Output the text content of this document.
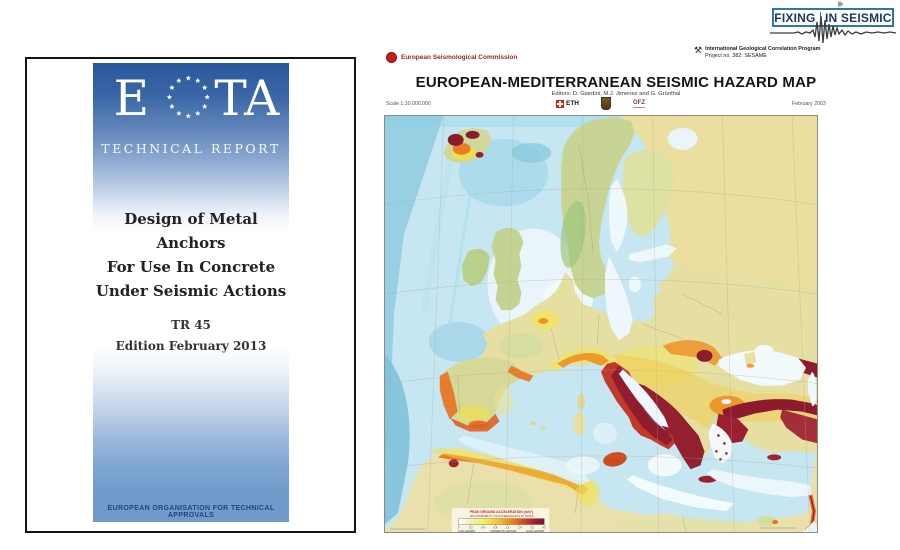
E TA
TECHNICAL REPORT
Design of Metal Anchors
For Use In Concrete
Under Seismic Actions
TR 45
Edition February 2013
EUROPEAN ORGANISATION FOR TECHNICAL APPROVALS
FIXING IN SEISMIC
European Seismological Commission
⚒ International Geological Correlation Program
Project no. 382: SESAME
EUROPEAN-MEDITERRANEAN SEISMIC HAZARD MAP
Editors: D. Giardini, M.J. Jimenez and G. Grünthal
ETH	GFZ
Scale 1:10,000,000	February 2003
PEAK GROUND ACCELERATION (m/s²)
10% PROBABILITY OF EXCEEDANCE IN 50 YEARS
0	0.2	0.4	0.8	1.6	2.4	3.2	4.0
LOW HAZARD	MODERATE HAZARD	HIGH HAZARD
